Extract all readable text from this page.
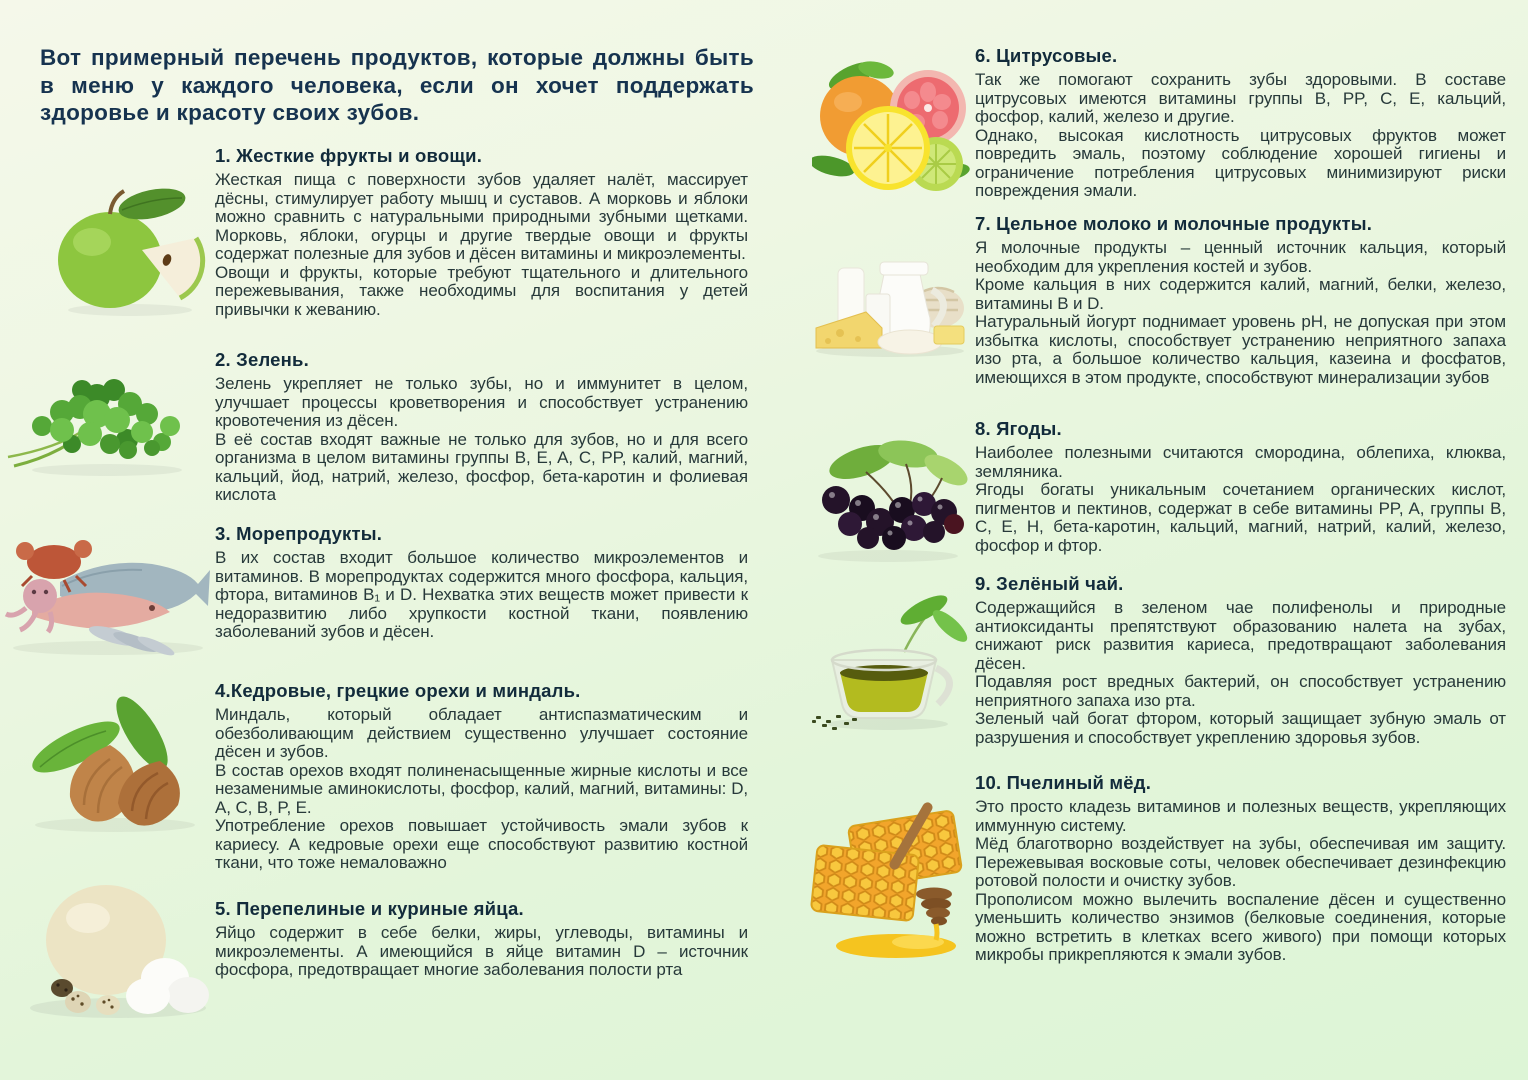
Вот примерный перечень продуктов, которые должны быть в меню у каждого человека, если он хочет поддержать здоровье и красоту своих зубов.
1. Жесткие фрукты и овощи.

Жесткая пища с поверхности зубов удаляет налёт, массирует дёсны, стимулирует работу мышц и суставов. А морковь и яблоки можно сравнить с натуральными природными зубными щетками. Морковь, яблоки, огурцы и другие твердые овощи и фрукты содержат полезные для зубов и дёсен витамины и микроэлементы.

Овощи и фрукты, которые требуют тщательного и длительного пережевывания, также необходимы для воспитания у детей привычки к жеванию.

2. Зелень.

Зелень укрепляет не только зубы, но и иммунитет в целом, улучшает процессы кроветворения и способствует устранению кровотечения из дёсен.

В её состав входят важные не только для зубов, но и для всего организма в целом витамины группы B, E, A, C, PP, калий, магний, кальций, йод, натрий, железо, фосфор, бета-каротин и фолиевая кислота

3. Морепродукты.

В их состав входит большое количество микроэлементов и витаминов. В морепродуктах содержится много фосфора, кальция, фтора, витаминов B₁ и D. Нехватка этих веществ может привести к недоразвитию либо хрупкости костной ткани, появлению заболеваний зубов и дёсен.

4.Кедровые, грецкие орехи и миндаль.

Миндаль, который обладает антиспазматическим и обезболивающим действием существенно улучшает состояние дёсен и зубов.

В состав орехов входят полиненасыщенные жирные кислоты и все незаменимые аминокислоты, фосфор, калий, магний, витамины: D, A, C, B, P, E.

Употребление орехов повышает устойчивость эмали зубов к кариесу. А кедровые орехи еще способствуют развитию костной ткани, что тоже немаловажно

5. Перепелиные и куриные яйца.

Яйцо содержит в себе белки, жиры, углеводы, витамины и микроэлементы. А имеющийся в яйце витамин D – источник фосфора, предотвращает многие заболевания полости рта

6. Цитрусовые.

Так же помогают сохранить зубы здоровыми. В составе цитрусовых имеются витамины группы B, PP, C, E, кальций, фосфор, калий, железо и другие.

Однако, высокая кислотность цитрусовых фруктов может повредить эмаль, поэтому соблюдение хорошей гигиены и ограничение потребления цитрусовых минимизируют риски повреждения эмали.

7. Цельное молоко и молочные продукты.

Я молочные продукты – ценный источник кальция, который необходим для укрепления костей и зубов.

Кроме кальция в них содержится калий, магний, белки, железо, витамины B и D.

Натуральный йогурт поднимает уровень pH, не допуская при этом избытка кислоты, способствует устранению неприятного запаха изо рта, а большое количество кальция, казеина и фосфатов, имеющихся в этом продукте, способствуют минерализации зубов

8. Ягоды.

Наиболее полезными считаются смородина, облепиха, клюква, земляника.

Ягоды богаты уникальным сочетанием органических кислот, пигментов и пектинов, содержат в себе витамины PP, A, группы B, C, E, H, бета-каротин, кальций, магний, натрий, калий, железо, фосфор и фтор.

9. Зелёный чай.

Содержащийся в зеленом чае полифенолы и природные антиоксиданты препятствуют образованию налета на зубах, снижают риск развития кариеса, предотвращают заболевания дёсен.

Подавляя рост вредных бактерий, он способствует устранению неприятного запаха изо рта.

Зеленый чай богат фтором, который защищает зубную эмаль от разрушения и способствует укреплению здоровья зубов.

10. Пчелиный мёд.

Это просто кладезь витаминов и полезных веществ, укрепляющих иммунную систему.

Мёд благотворно воздействует на зубы, обеспечивая им защиту. Пережевывая восковые соты, человек обеспечивает дезинфекцию ротовой полости и очистку зубов.

Прополисом можно вылечить воспаление дёсен и существенно уменьшить количество энзимов (белковые соединения, которые можно встретить в клетках всего живого) при помощи которых микробы прикрепляются к эмали зубов.
